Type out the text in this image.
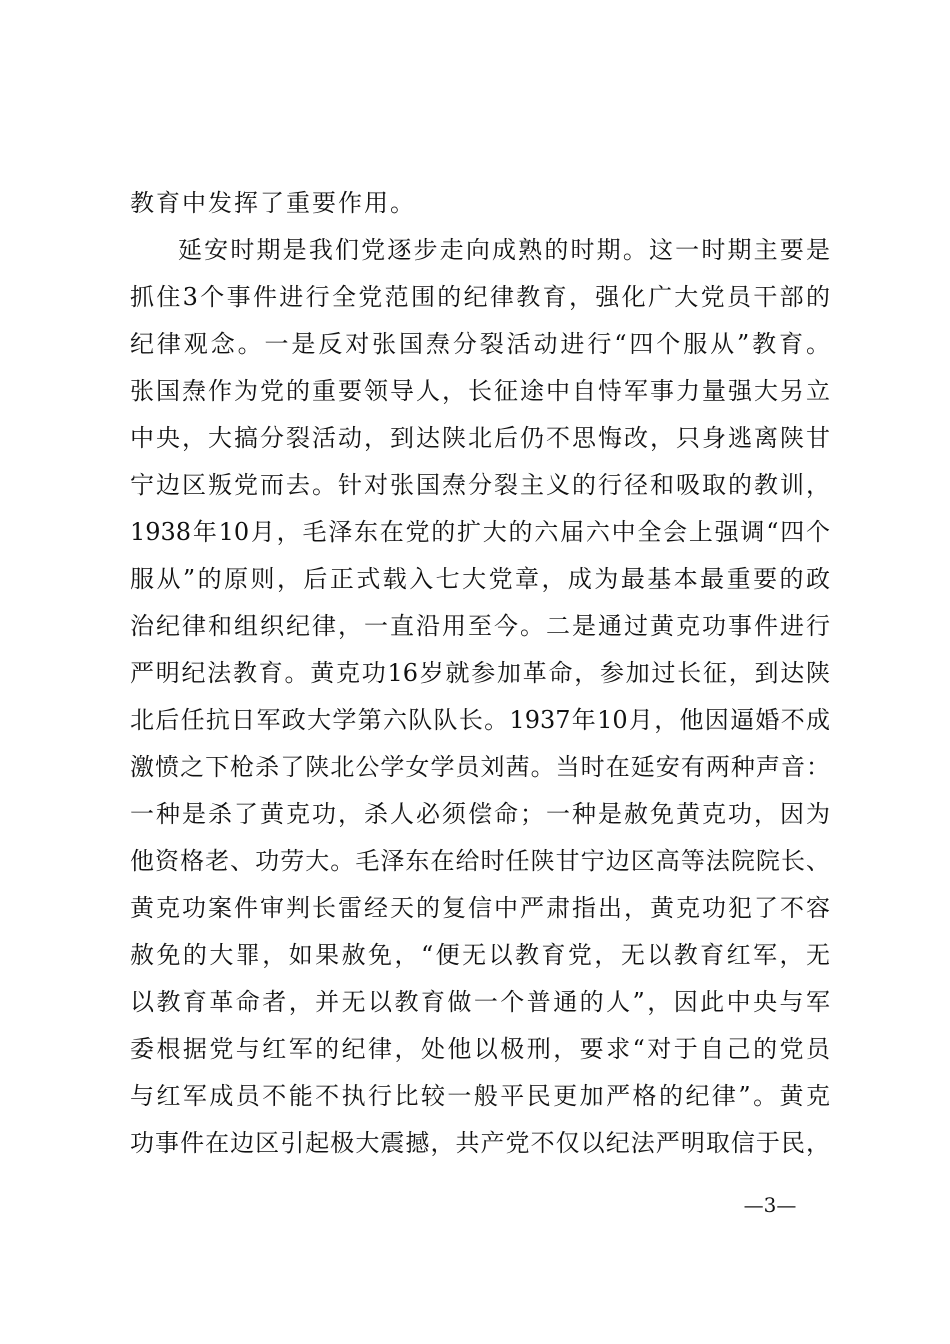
教育中发挥了重要作用。
延安时期是我们党逐步走向成熟的时期。这一时期主要是
抓住3个事件进行全党范围的纪律教育，强化广大党员干部的
纪律观念。一是反对张国焘分裂活动进行“四个服从”教育。
张国焘作为党的重要领导人，长征途中自恃军事力量强大另立
中央，大搞分裂活动，到达陕北后仍不思悔改，只身逃离陕甘
宁边区叛党而去。针对张国焘分裂主义的行径和吸取的教训，
1938年10月，毛泽东在党的扩大的六届六中全会上强调“四个
服从”的原则，后正式载入七大党章，成为最基本最重要的政
治纪律和组织纪律，一直沿用至今。二是通过黄克功事件进行
严明纪法教育。黄克功16岁就参加革命，参加过长征，到达陕
北后任抗日军政大学第六队队长。1937年10月，他因逼婚不成
激愤之下枪杀了陕北公学女学员刘茜。当时在延安有两种声音：
一种是杀了黄克功，杀人必须偿命；一种是赦免黄克功，因为
他资格老、功劳大。毛泽东在给时任陕甘宁边区高等法院院长、
黄克功案件审判长雷经天的复信中严肃指出，黄克功犯了不容
赦免的大罪，如果赦免，“便无以教育党，无以教育红军，无
以教育革命者，并无以教育做一个普通的人”，因此中央与军
委根据党与红军的纪律，处他以极刑，要求“对于自己的党员
与红军成员不能不执行比较一般平民更加严格的纪律”。黄克
功事件在边区引起极大震撼，共产党不仅以纪法严明取信于民，
—3—
